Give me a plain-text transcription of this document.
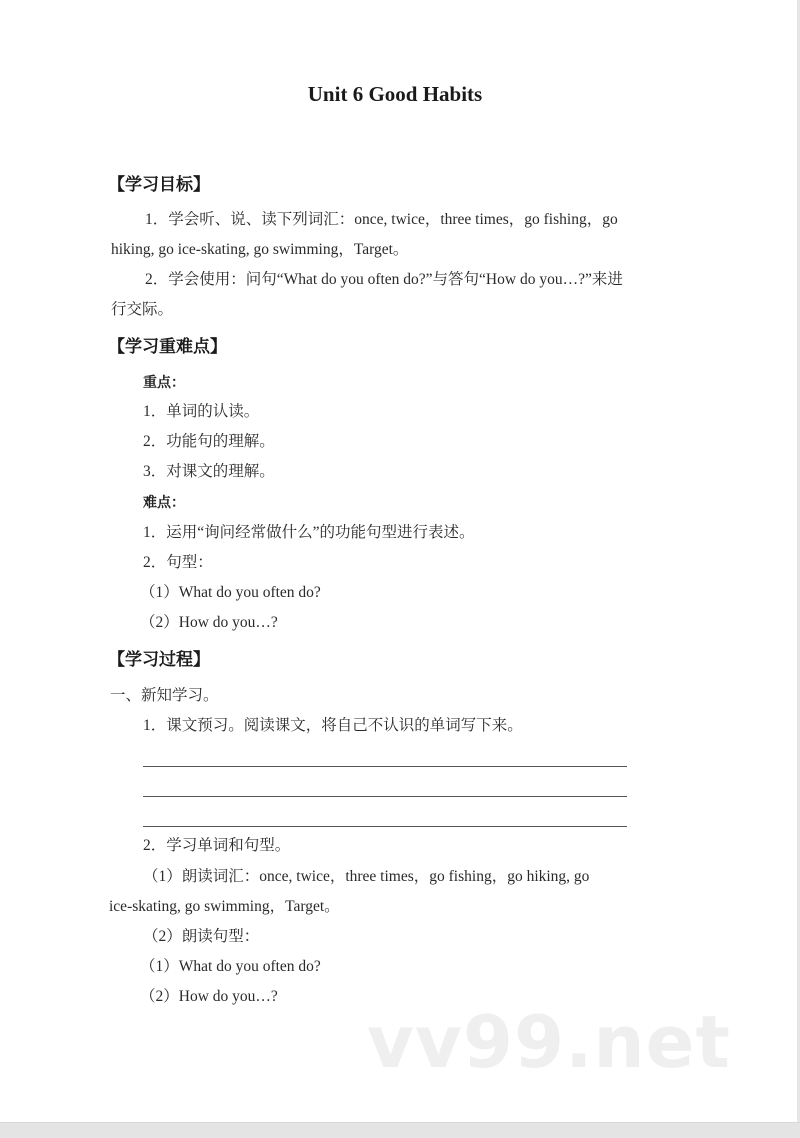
Unit 6 Good Habits
【学习目标】
1．学会听、说、读下列词汇：once, twice，three times，go fishing，go
hiking, go ice-skating, go swimming，Target。
2．学会使用：问句“What do you often do?”与答句“How do you…?”来进
行交际。
【学习重难点】
重点：
1．单词的认读。
2．功能句的理解。
3．对课文的理解。
难点：
1．运用“询问经常做什么”的功能句型进行表述。
2．句型：
（1）What do you often do?
（2）How do you…?
【学习过程】
一、新知学习。
1．课文预习。阅读课文，将自己不认识的单词写下来。
2．学习单词和句型。
（1）朗读词汇：once, twice，three times，go fishing，go hiking, go
ice-skating, go swimming，Target。
（2）朗读句型：
（1）What do you often do?
（2）How do you…?
vv99.net
